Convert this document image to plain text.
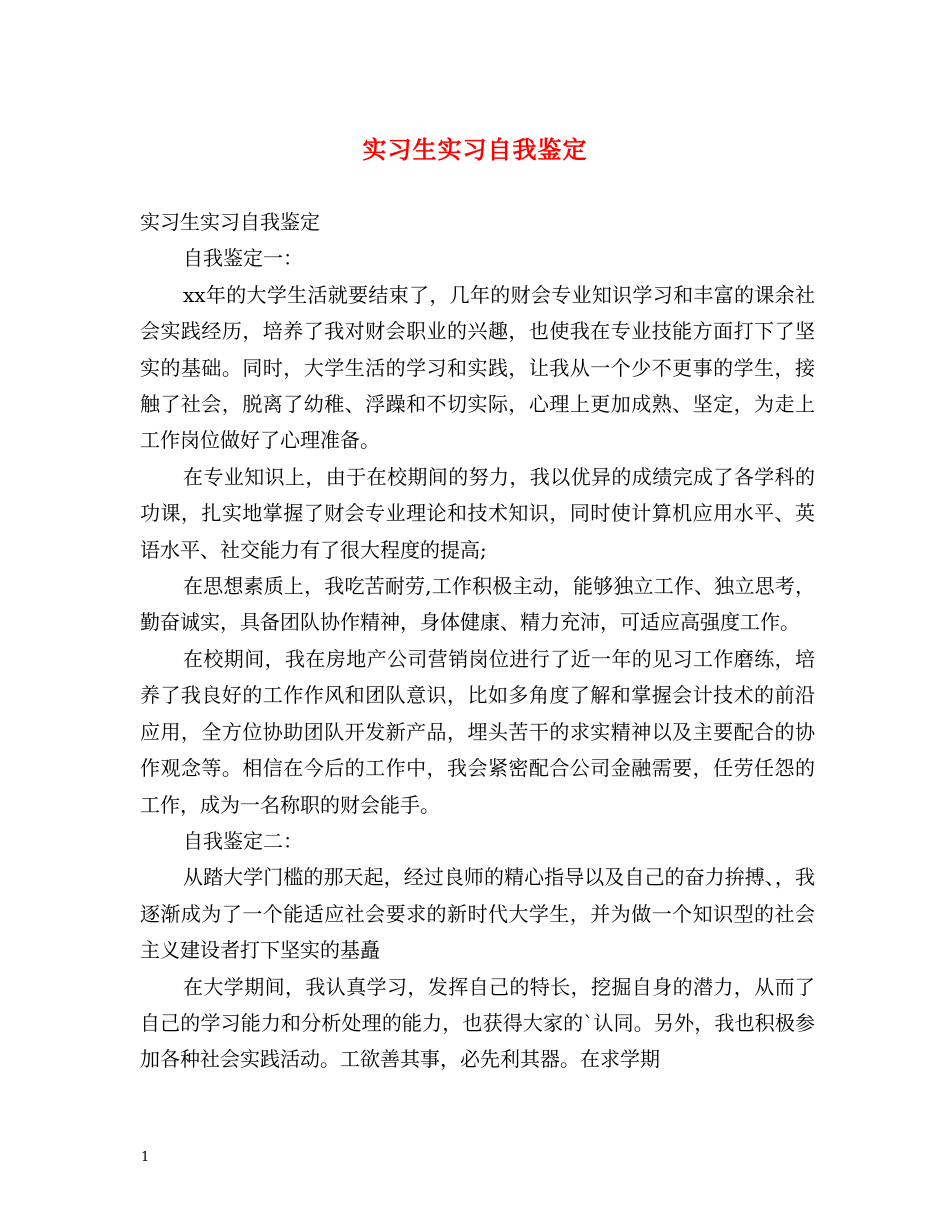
实习生实习自我鉴定

实习生实习自我鉴定

自我鉴定一：

xx年的大学生活就要结束了，几年的财会专业知识学习和丰富的课余社会实践经历，培养了我对财会职业的兴趣，也使我在专业技能方面打下了坚实的基础。同时，大学生活的学习和实践，让我从一个少不更事的学生，接触了社会，脱离了幼稚、浮躁和不切实际，心理上更加成熟、坚定，为走上工作岗位做好了心理准备。

在专业知识上，由于在校期间的努力，我以优异的成绩完成了各学科的功课，扎实地掌握了财会专业理论和技术知识，同时使计算机应用水平、英语水平、社交能力有了很大程度的提高;

在思想素质上，我吃苦耐劳,工作积极主动，能够独立工作、独立思考，勤奋诚实，具备团队协作精神，身体健康、精力充沛，可适应高强度工作。

在校期间，我在房地产公司营销岗位进行了近一年的见习工作磨练，培养了我良好的工作作风和团队意识，比如多角度了解和掌握会计技术的前沿应用，全方位协助团队开发新产品，埋头苦干的求实精神以及主要配合的协作观念等。相信在今后的工作中，我会紧密配合公司金融需要，任劳任怨的工作，成为一名称职的财会能手。

自我鉴定二：

从踏大学门槛的那天起，经过良师的精心指导以及自己的奋力拚搏、，我逐渐成为了一个能适应社会要求的新时代大学生，并为做一个知识型的社会主义建设者打下坚实的基矗

在大学期间，我认真学习，发挥自己的特长，挖掘自身的潜力，从而了自己的学习能力和分析处理的能力，也获得大家的`认同。另外，我也积极参加各种社会实践活动。工欲善其事，必先利其器。在求学期

1
